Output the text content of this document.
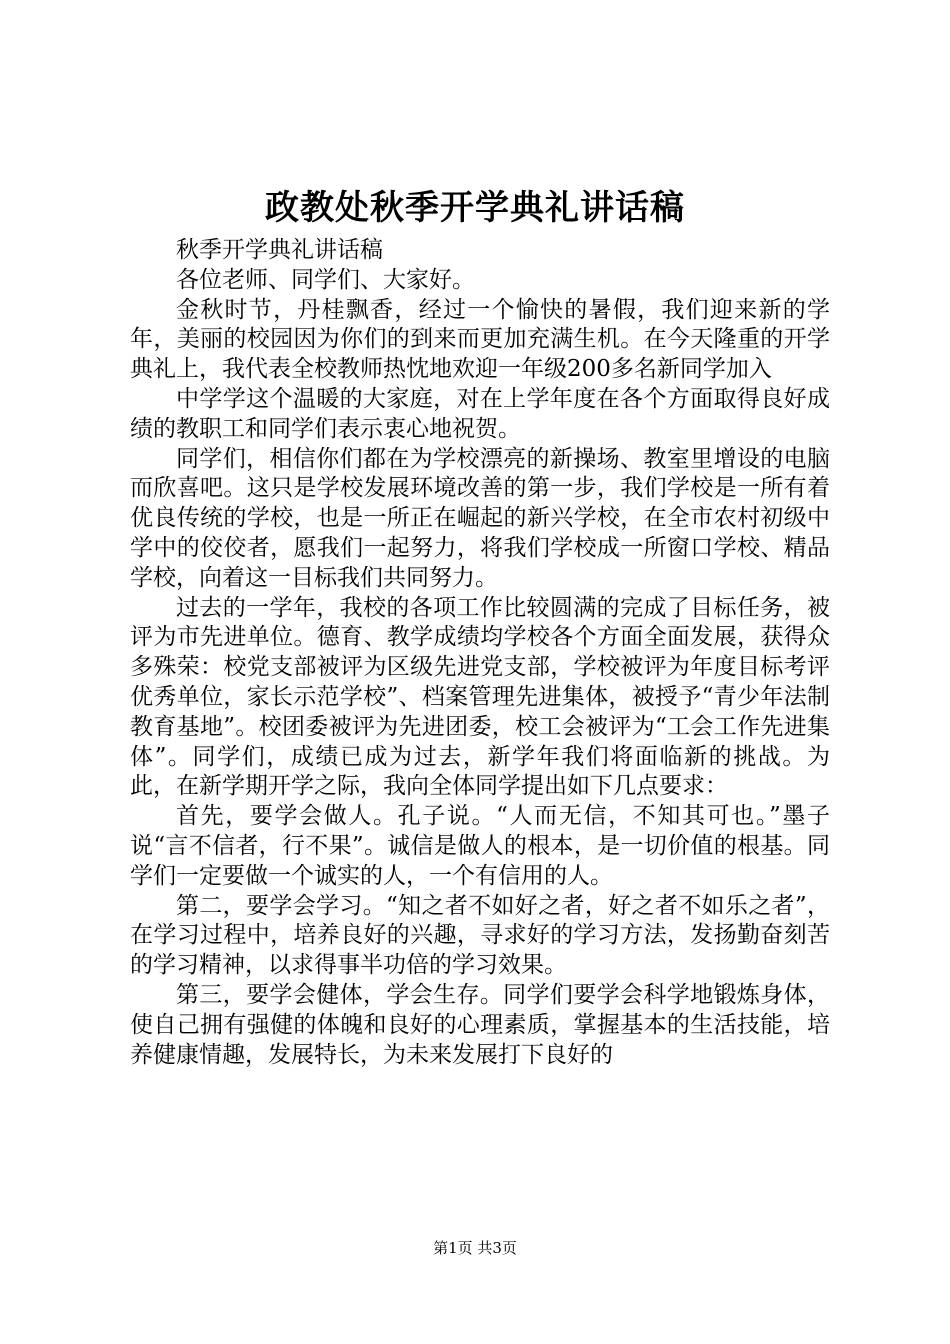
政教处秋季开学典礼讲话稿

秋季开学典礼讲话稿

各位老师、同学们、大家好。

金秋时节，丹桂飘香，经过一个愉快的暑假，我们迎来新的学年，美丽的校园因为你们的到来而更加充满生机。在今天隆重的开学典礼上，我代表全校教师热忱地欢迎一年级200多名新同学加入

中学学这个温暖的大家庭，对在上学年度在各个方面取得良好成绩的教职工和同学们表示衷心地祝贺。

同学们，相信你们都在为学校漂亮的新操场、教室里增设的电脑而欣喜吧。这只是学校发展环境改善的第一步，我们学校是一所有着优良传统的学校，也是一所正在崛起的新兴学校，在全市农村初级中学中的佼佼者，愿我们一起努力，将我们学校成一所窗口学校、精品学校，向着这一目标我们共同努力。

过去的一学年，我校的各项工作比较圆满的完成了目标任务，被评为市先进单位。德育、教学成绩均学校各个方面全面发展，获得众多殊荣：校党支部被评为区级先进党支部，学校被评为年度目标考评优秀单位，家长示范学校”、档案管理先进集体，被授予“青少年法制教育基地”。校团委被评为先进团委，校工会被评为“工会工作先进集体”。同学们，成绩已成为过去，新学年我们将面临新的挑战。为此，在新学期开学之际，我向全体同学提出如下几点要求：

首先，要学会做人。孔子说。“人而无信，不知其可也。”墨子说“言不信者，行不果”。诚信是做人的根本，是一切价值的根基。同学们一定要做一个诚实的人，一个有信用的人。

第二，要学会学习。“知之者不如好之者，好之者不如乐之者”，在学习过程中，培养良好的兴趣，寻求好的学习方法，发扬勤奋刻苦的学习精神，以求得事半功倍的学习效果。

第三，要学会健体，学会生存。同学们要学会科学地锻炼身体，使自己拥有强健的体魄和良好的心理素质，掌握基本的生活技能，培养健康情趣，发展特长，为未来发展打下良好的

第1页 共3页
